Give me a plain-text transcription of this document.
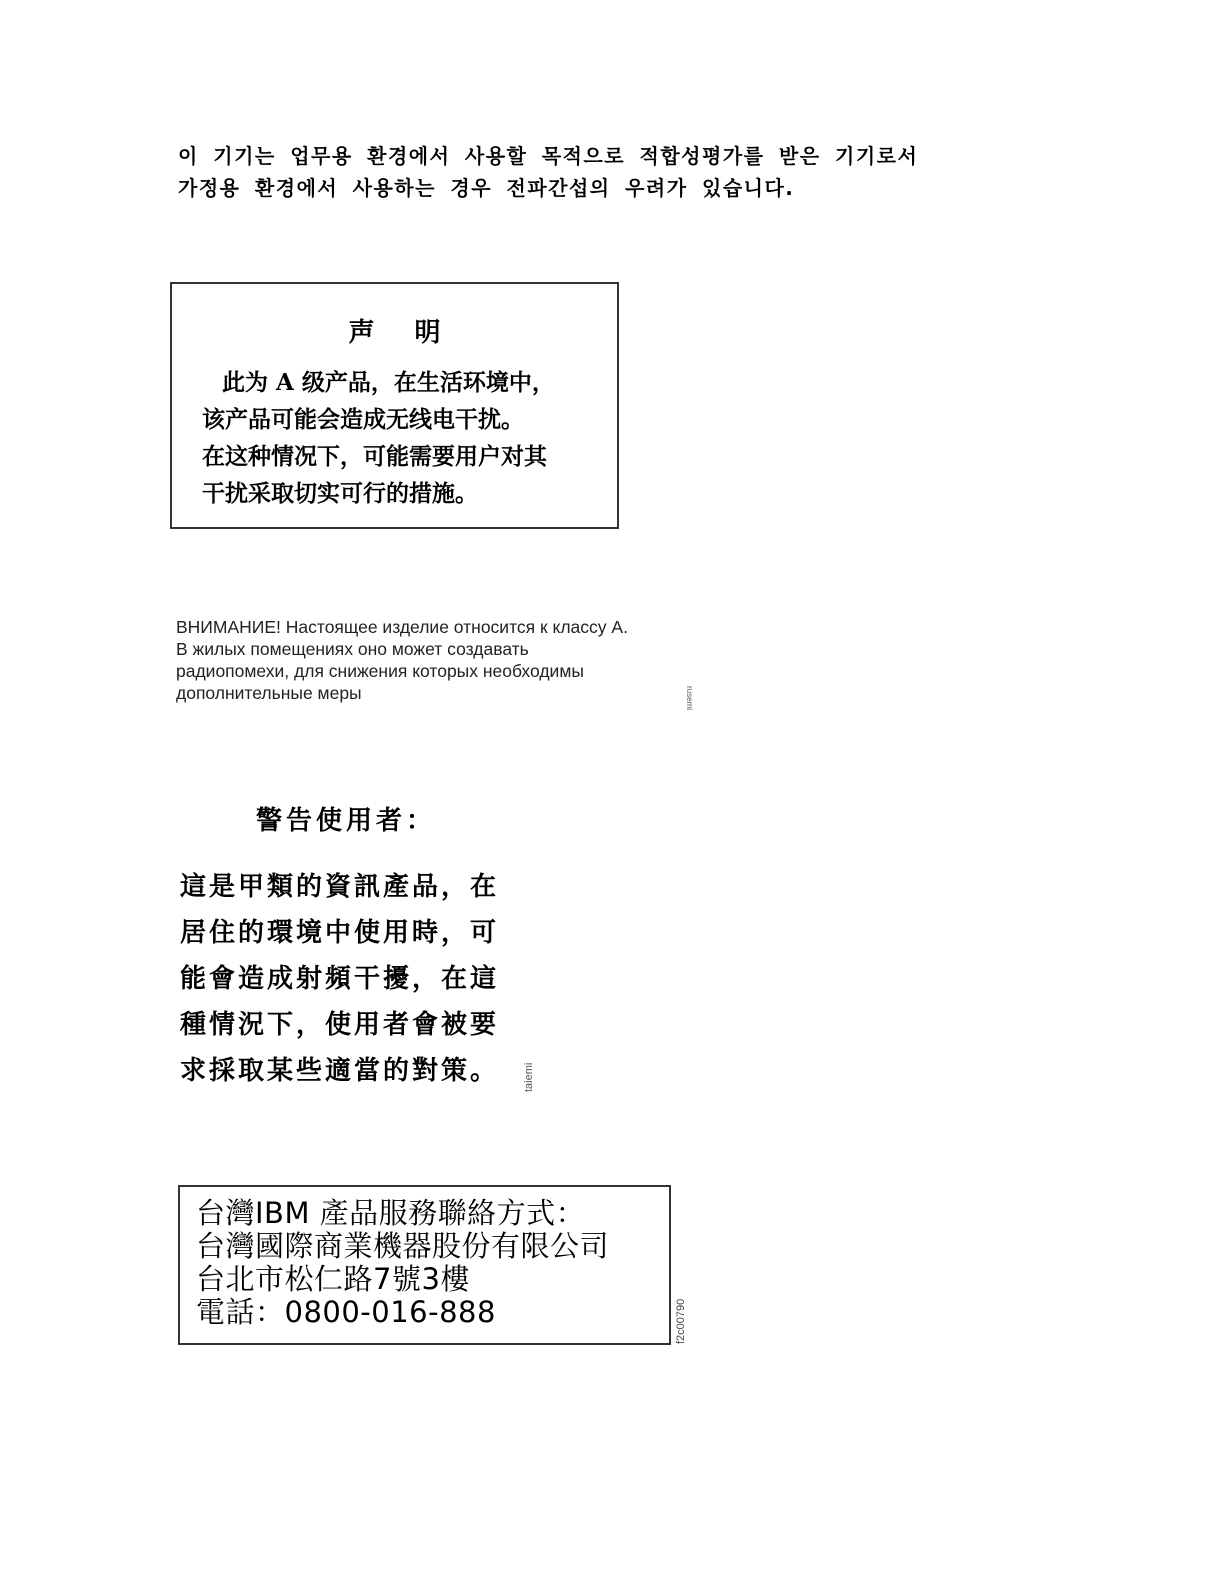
이 기기는 업무용 환경에서 사용할 목적으로 적합성평가를 받은 기기로서
가정용 환경에서 사용하는 경우 전파간섭의 우려가 있습니다.
声明
此为 A 级产品，在生活环境中，
该产品可能会造成无线电干扰。
在这种情况下，可能需要用户对其
干扰采取切实可行的措施。
ВНИМАНИЕ! Настоящее изделие относится к классу А.
В жилых помещениях оно может создавать
радиопомехи, для снижения которых необходимы
дополнительные меры	rusemi
警告使用者：
這是甲類的資訊產品，在
居住的環境中使用時，可
能會造成射頻干擾，在這
種情況下，使用者會被要
求採取某些適當的對策。 taiemi
台灣IBM 產品服務聯絡方式：
台灣國際商業機器股份有限公司
台北市松仁路7號3樓
電話：0800-016-888	f2c00790
